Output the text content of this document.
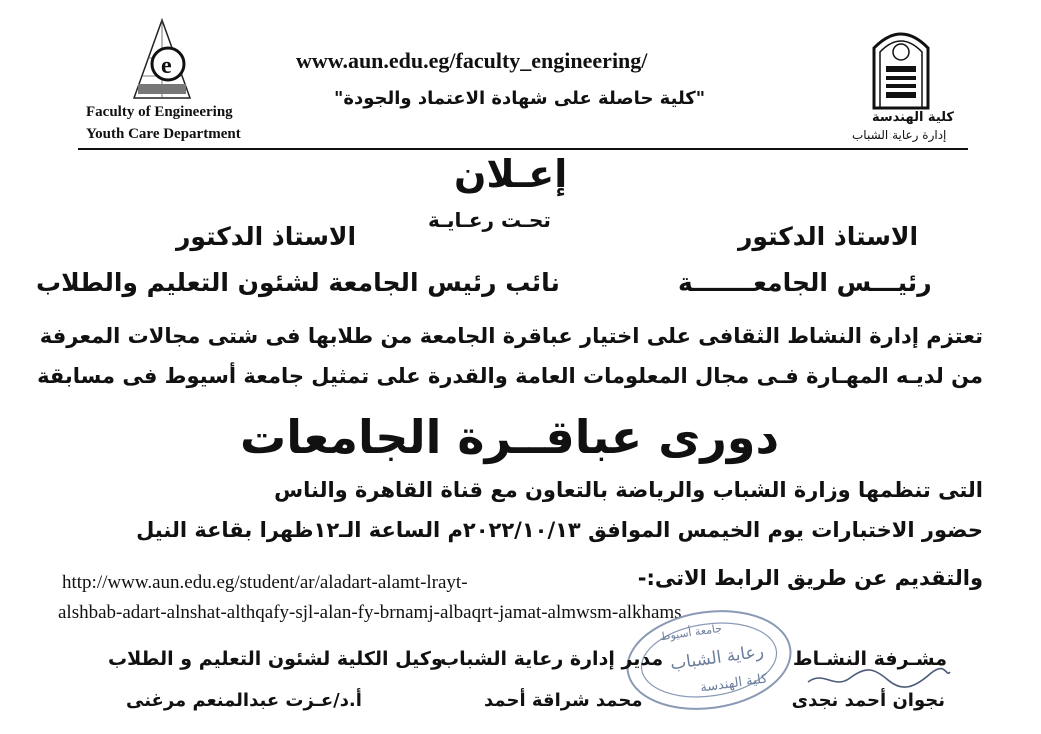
e
Faculty of Engineering
Youth Care Department
كلية الهندسة
إدارة رعاية الشباب
www.aun.edu.eg/faculty_engineering/
"كلية حاصلة على شهادة الاعتماد والجودة"
إعـلان
تحـت رعـايـة
الاستاذ الدكتور
رئيـــس الجامعـــــــة
الاستاذ الدكتور
نائب رئيس الجامعة لشئون التعليم والطلاب
تعتزم إدارة النشاط الثقافى على اختيار عباقرة الجامعة من طلابها فى شتى مجالات المعرفة
من لديـه المهـارة فـى مجال المعلومات العامة والقدرة على تمثيل جامعة أسيوط فى مسابقة
دورى عباقــرة الجامعات
التى تنظمها وزارة الشباب والرياضة بالتعاون مع قناة القاهرة والناس
حضور الاختبارات يوم الخيمس الموافق ٢٠٢٢/١٠/١٣م الساعة الـ١٢ظهرا بقاعة النيل
والتقديم عن طريق الرابط الاتى:-
http://www.aun.edu.eg/student/ar/aladart-alamt-lrayt-
alshbab-adart-alnshat-althqafy-sjl-alan-fy-brnamj-albaqrt-jamat-almwsm-alkhams
جامعة أسيوط
رعاية الشباب
كلية الهندسة
مشـرفة النشـاط
نجوان أحمد نجدى
مدير إدارة رعاية الشباب
محمد شراقة أحمد
وكيل الكلية لشئون التعليم و الطلاب
أ.د/عـزت عبدالمنعم مرغنى
